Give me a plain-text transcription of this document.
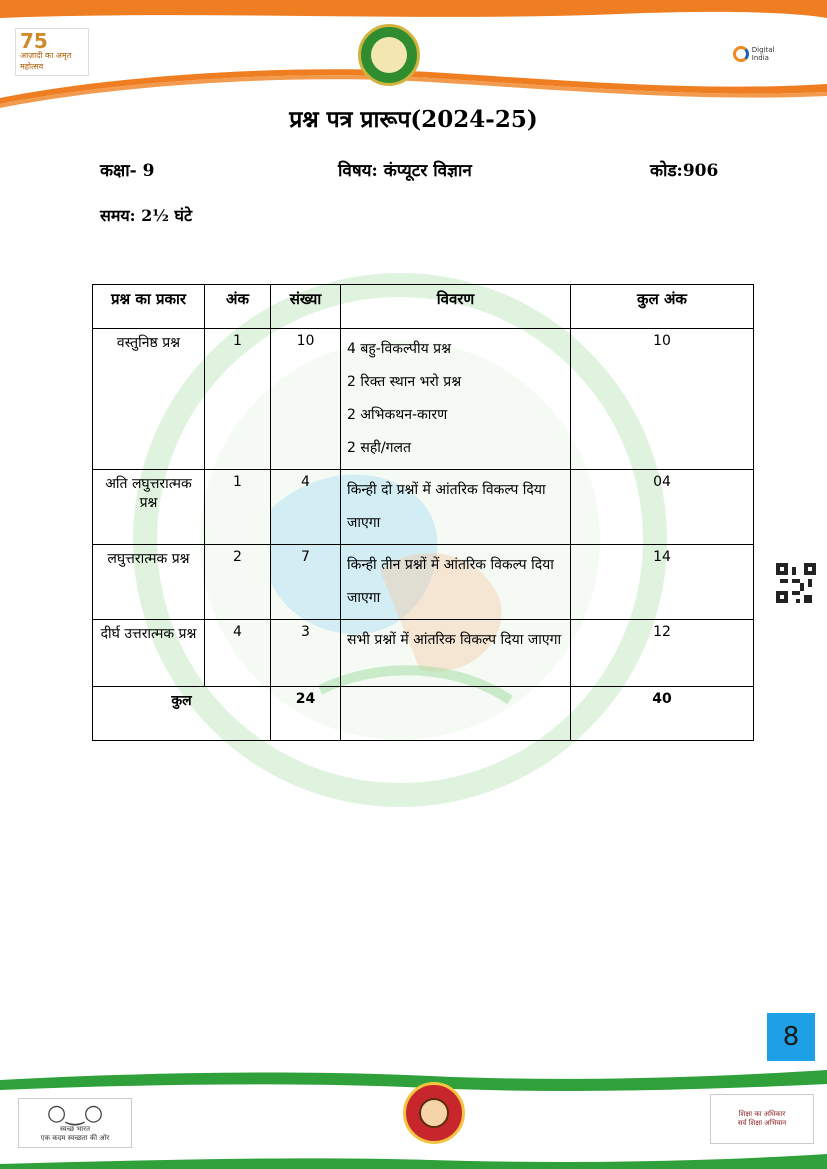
75
आज़ादी का अमृत महोत्सव
Digital India
प्रश्न पत्र प्रारूप(2024-25)
कक्षा- 9	विषय: कंप्यूटर विज्ञान	कोड:906
समय: 2½ घंटे
प्रश्न का प्रकार	अंक	संख्या	विवरण	कुल अंक
वस्तुनिष्ठ प्रश्न	1	10	4 बहु-विकल्पीय प्रश्न
2 रिक्त स्थान भरो प्रश्न
2 अभिकथन-कारण
2 सही/गलत	10
अति लघुत्तरात्मक प्रश्न	1	4	किन्ही दो प्रश्नों में आंतरिक विकल्प दिया जाएगा	04
लघुत्तरात्मक प्रश्न	2	7	किन्ही तीन प्रश्नों में आंतरिक विकल्प दिया जाएगा	14
दीर्घ उत्तरात्मक प्रश्न	4	3	सभी प्रश्नों में आंतरिक विकल्प दिया जाएगा	12
कुल		24		40
8
○‿○
स्वच्छ भारत
एक कदम स्वच्छता की ओर
शिक्षा का अधिकार
सर्व शिक्षा अभियान
